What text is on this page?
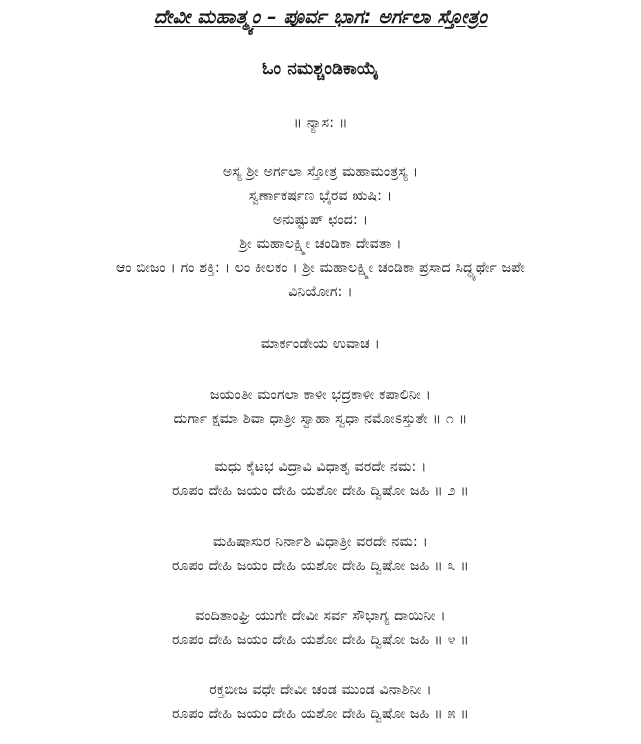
ದೇವೀ ಮಹಾತ್ಮ್ಯಂ – ಪೂರ್ವ ಭಾಗ: ಅರ್ಗಲಾ ಸ್ತೋತ್ರಂ
ಓಂ ನಮಶ್ಚಂಡಿಕಾಯೈ
॥ ನ್ಯಾಸ: ॥
ಅಸ್ಯ ಶ್ರೀ ಅರ್ಗಲಾ ಸ್ತೋತ್ರ ಮಹಾಮಂತ್ರಸ್ಯ ।
ಸ್ವರ್ಣಾಕರ್ಷಣ ಭೈರವ ಋಷಿ: ।
ಅನುಷ್ಟುಪ್ ಛಂದ: ।
ಶ್ರೀ ಮಹಾಲಕ್ಷ್ಮೀ ಚಂಡಿಕಾ ದೇವತಾ ।
ಆಂ ಬೀಜಂ । ಗಂ ಶಕ್ತಿ: । ಲಂ ಕೀಲಕಂ । ಶ್ರೀ ಮಹಾಲಕ್ಷ್ಮೀ ಚಂಡಿಕಾ ಪ್ರಸಾದ ಸಿದ್ಧ್ಯರ್ಥೇ ಜಪೇ
ವಿನಿಯೋಗ: ।
ಮಾರ್ಕಂಡೇಯ ಉವಾಚ ।
ಜಯಂತೀ ಮಂಗಲಾ ಕಾಳೀ ಭದ್ರಕಾಳೀ ಕಪಾಲಿನೀ ।
ದುರ್ಗಾ ಕ್ಷಮಾ ಶಿವಾ ಧಾತ್ರೀ ಸ್ವಾಹಾ ಸ್ವಧಾ ನಮೋಽಸ್ತುತೇ ॥ ೧ ॥
ಮಧು ಕೈಟಭ ವಿದ್ರಾವಿ ವಿಧಾತೃ ವರದೇ ನಮ: ।
ರೂಪಂ ದೇಹಿ ಜಯಂ ದೇಹಿ ಯಶೋ ದೇಹಿ ದ್ವಿಷೋ ಜಹಿ ॥ ೨ ॥
ಮಹಿಷಾಸುರ ನಿರ್ನಾಶಿ ವಿಧಾತ್ರೀ ವರದೇ ನಮ: ।
ರೂಪಂ ದೇಹಿ ಜಯಂ ದೇಹಿ ಯಶೋ ದೇಹಿ ದ್ವಿಷೋ ಜಹಿ ॥ ೩ ॥
ವಂದಿತಾಂಘ್ರಿ ಯುಗೇ ದೇವೀ ಸರ್ವ ಸೌಭಾಗ್ಯ ದಾಯಿನೀ ।
ರೂಪಂ ದೇಹಿ ಜಯಂ ದೇಹಿ ಯಶೋ ದೇಹಿ ದ್ವಿಷೋ ಜಹಿ ॥ ೪ ॥
ರಕ್ತಬೀಜ ವಧೇ ದೇವೀ ಚಂಡ ಮುಂಡ ವಿನಾಶಿನೀ ।
ರೂಪಂ ದೇಹಿ ಜಯಂ ದೇಹಿ ಯಶೋ ದೇಹಿ ದ್ವಿಷೋ ಜಹಿ ॥ ೫ ॥
